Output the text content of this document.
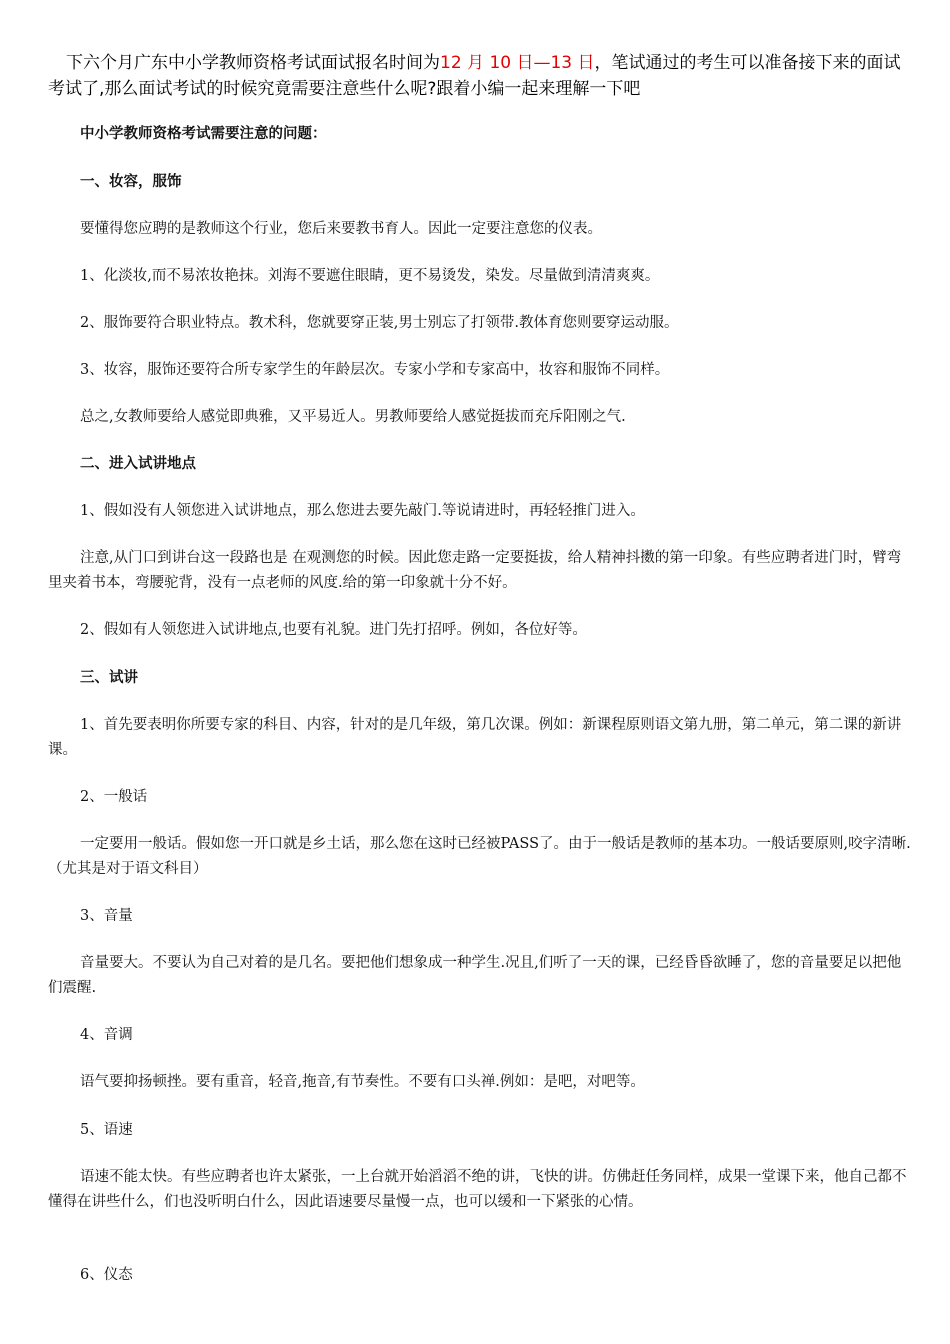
下六个月广东中小学教师资格考试面试报名时间为12 月 10 日—13 日，笔试通过的考生可以准备接下来的面试考试了,那么面试考试的时候究竟需要注意些什么呢?跟着小编一起来理解一下吧

中小学教师资格考试需要注意的问题：

一、妆容，服饰

要懂得您应聘的是教师这个行业，您后来要教书育人。因此一定要注意您的仪表。

1、化淡妆,而不易浓妆艳抹。刘海不要遮住眼睛，更不易烫发，染发。尽量做到清清爽爽。

2、服饰要符合职业特点。教术科，您就要穿正装,男士别忘了打领带.教体育您则要穿运动服。

3、妆容，服饰还要符合所专家学生的年龄层次。专家小学和专家高中，妆容和服饰不同样。

总之,女教师要给人感觉即典雅，又平易近人。男教师要给人感觉挺拔而充斥阳刚之气.

二、进入试讲地点

1、假如没有人领您进入试讲地点，那么您进去要先敲门.等说请进时，再轻轻推门进入。

注意,从门口到讲台这一段路也是 在观测您的时候。因此您走路一定要挺拔，给人精神抖擞的第一印象。有些应聘者进门时，臂弯里夹着书本，弯腰驼背，没有一点老师的风度.给的第一印象就十分不好。

2、假如有人领您进入试讲地点,也要有礼貌。进门先打招呼。例如，各位好等。

三、试讲

1、首先要表明你所要专家的科目、内容，针对的是几年级，第几次课。例如：新课程原则语文第九册，第二单元，第二课的新讲课。

2、一般话

一定要用一般话。假如您一开口就是乡土话，那么您在这时已经被PASS了。由于一般话是教师的基本功。一般话要原则,咬字清晰.（尤其是对于语文科目）

3、音量

音量要大。不要认为自己对着的是几名。要把他们想象成一种学生.况且,们听了一天的课，已经昏昏欲睡了，您的音量要足以把他们震醒.

4、音调

语气要抑扬顿挫。要有重音，轻音,拖音,有节奏性。不要有口头禅.例如：是吧，对吧等。

5、语速

语速不能太快。有些应聘者也许太紧张，一上台就开始滔滔不绝的讲，飞快的讲。仿佛赶任务同样，成果一堂课下来，他自己都不懂得在讲些什么，们也没听明白什么，因此语速要尽量慢一点，也可以缓和一下紧张的心情。

6、仪态
